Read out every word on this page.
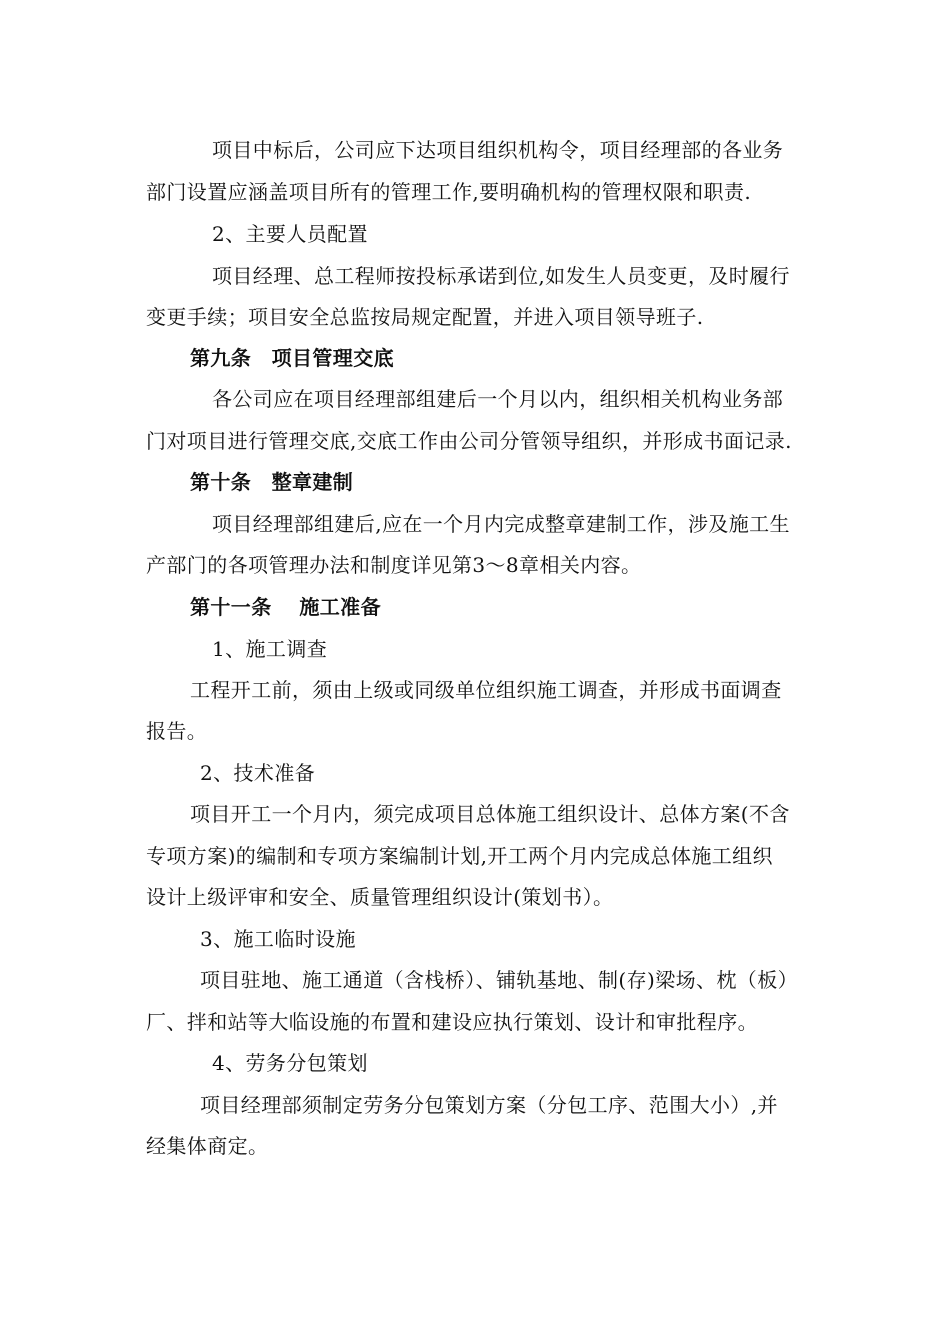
项目中标后，公司应下达项目组织机构令，项目经理部的各业务
部门设置应涵盖项目所有的管理工作,要明确机构的管理权限和职责.
2、主要人员配置
项目经理、总工程师按投标承诺到位,如发生人员变更，及时履行
变更手续；项目安全总监按局规定配置，并进入项目领导班子.
第九条　项目管理交底
各公司应在项目经理部组建后一个月以内，组织相关机构业务部
门对项目进行管理交底,交底工作由公司分管领导组织，并形成书面记录.
第十条　整章建制
项目经理部组建后,应在一个月内完成整章建制工作，涉及施工生
产部门的各项管理办法和制度详见第3～8章相关内容。
第十一条　 施工准备
1、施工调查
工程开工前，须由上级或同级单位组织施工调查，并形成书面调查
报告。
2、技术准备
项目开工一个月内，须完成项目总体施工组织设计、总体方案(不含
专项方案)的编制和专项方案编制计划,开工两个月内完成总体施工组织
设计上级评审和安全、质量管理组织设计(策划书）。
3、施工临时设施
项目驻地、施工通道（含栈桥）、铺轨基地、制(存)梁场、枕（板）
厂、拌和站等大临设施的布置和建设应执行策划、设计和审批程序。
4、劳务分包策划
项目经理部须制定劳务分包策划方案（分包工序、范围大小）,并
经集体商定。
